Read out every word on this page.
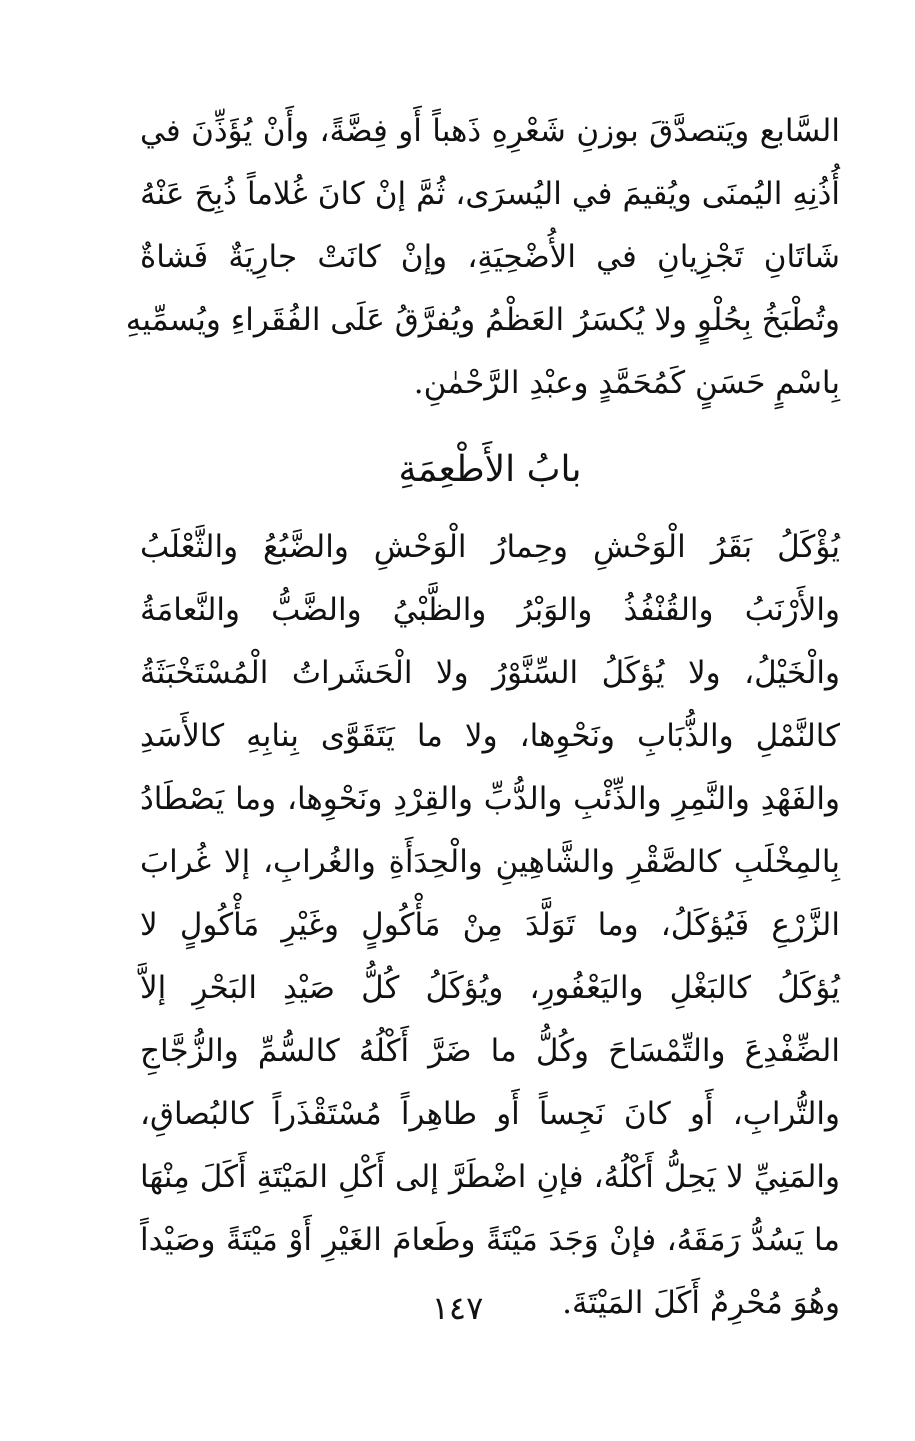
السَّابع ويَتصدَّقَ بوزنِ شَعْرِهِ ذَهباً أَو فِضَّةً، وأَنْ يُؤَذِّنَ في
أُذُنِهِ اليُمنَى ويُقيمَ في اليُسرَى، ثُمَّ إنْ كانَ غُلاماً ذُبِحَ عَنْهُ
شَاتَانِ تَجْزِيانِ في الأُضْحِيَةِ، وإنْ كانَتْ جارِيَةٌ فَشاةٌ
وتُطْبَخُ بِحُلْوٍ ولا يُكسَرُ العَظْمُ ويُفرَّقُ عَلَى الفُقَراءِ ويُسمِّيهِ
بِاسْمٍ حَسَنٍ كَمُحَمَّدٍ وعبْدِ الرَّحْمٰنِ.
بابُ الأَطْعِمَةِ
يُؤْكَلُ بَقَرُ الْوَحْشِ وحِمارُ الْوَحْشِ والضَّبُعُ والثَّعْلَبُ
والأَرْنَبُ والقُنْفُذُ والوَبْرُ والظَّبْيُ والضَّبُّ والنَّعامَةُ
والْخَيْلُ، ولا يُؤكَلُ السِّنَّوْرُ ولا الْحَشَراتُ الْمُسْتَخْبَثَةُ
كالنَّمْلِ والذُّبَابِ ونَحْوِها، ولا ما يَتَقَوَّى بِنابِهِ كالأَسَدِ
والفَهْدِ والنَّمِرِ والذِّئْبِ والدُّبِّ والقِرْدِ ونَحْوِها، وما يَصْطَادُ
بِالمِخْلَبِ كالصَّقْرِ والشَّاهِينِ والْحِدَأَةِ والغُرابِ، إلا غُرابَ
الزَّرْعِ فَيُؤكَلُ، وما تَوَلَّدَ مِنْ مَأْكُولٍ وغَيْرِ مَأْكُولٍ لا
يُؤكَلُ كالبَغْلِ واليَعْفُورِ، ويُؤكَلُ كُلُّ صَيْدِ البَحْرِ إلاَّ
الضِّفْدِعَ والتِّمْسَاحَ وكُلُّ ما ضَرَّ أَكْلُهُ كالسُّمِّ والزُّجَّاجِ
والتُّرابِ، أَو كانَ نَجِساً أَو طاهِراً مُسْتَقْذَراً كالبُصاقِ،
والمَنِيِّ لا يَحِلُّ أَكْلُهُ، فإنِ اضْطَرَّ إلى أَكْلِ المَيْتَةِ أَكَلَ مِنْهَا
ما يَسُدُّ رَمَقَهُ، فإنْ وَجَدَ مَيْتَةً وطَعامَ الغَيْرِ أَوْ مَيْتَةً وصَيْداً
وهُوَ مُحْرِمٌ أَكَلَ المَيْتَةَ.
١٤٧
